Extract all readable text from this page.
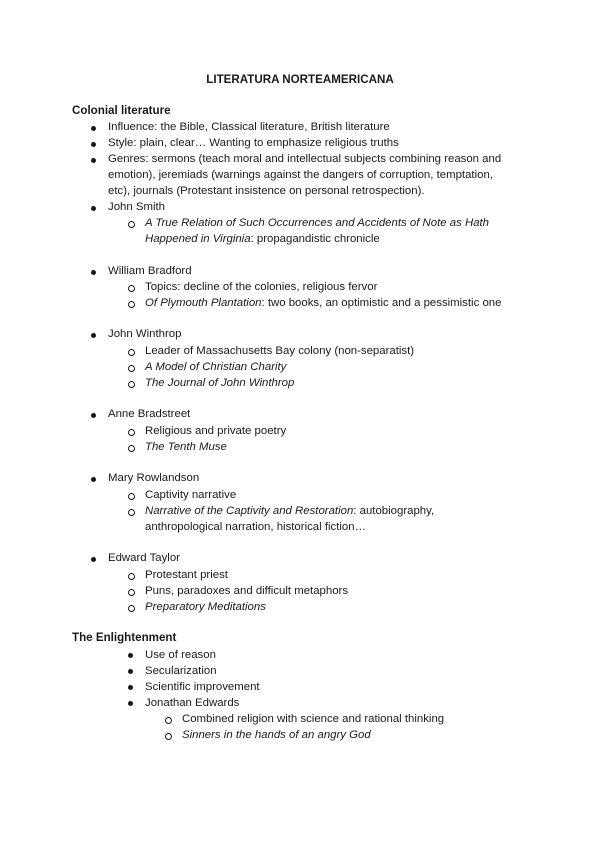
LITERATURA NORTEAMERICANA
Colonial literature
Influence: the Bible, Classical literature, British literature
Style: plain, clear… Wanting to emphasize religious truths
Genres: sermons (teach moral and intellectual subjects combining reason and
emotion), jeremiads (warnings against the dangers of corruption, temptation,
etc), journals (Protestant insistence on personal retrospection).
John Smith
A True Relation of Such Occurrences and Accidents of Note as Hath
Happened in Virginia: propagandistic chronicle
William Bradford
Topics: decline of the colonies, religious fervor
Of Plymouth Plantation: two books, an optimistic and a pessimistic one
John Winthrop
Leader of Massachusetts Bay colony (non-separatist)
A Model of Christian Charity
The Journal of John Winthrop
Anne Bradstreet
Religious and private poetry
The Tenth Muse
Mary Rowlandson
Captivity narrative
Narrative of the Captivity and Restoration: autobiography,
anthropological narration, historical fiction…
Edward Taylor
Protestant priest
Puns, paradoxes and difficult metaphors
Preparatory Meditations
The Enlightenment
Use of reason
Secularization
Scientific improvement
Jonathan Edwards
Combined religion with science and rational thinking
Sinners in the hands of an angry God
